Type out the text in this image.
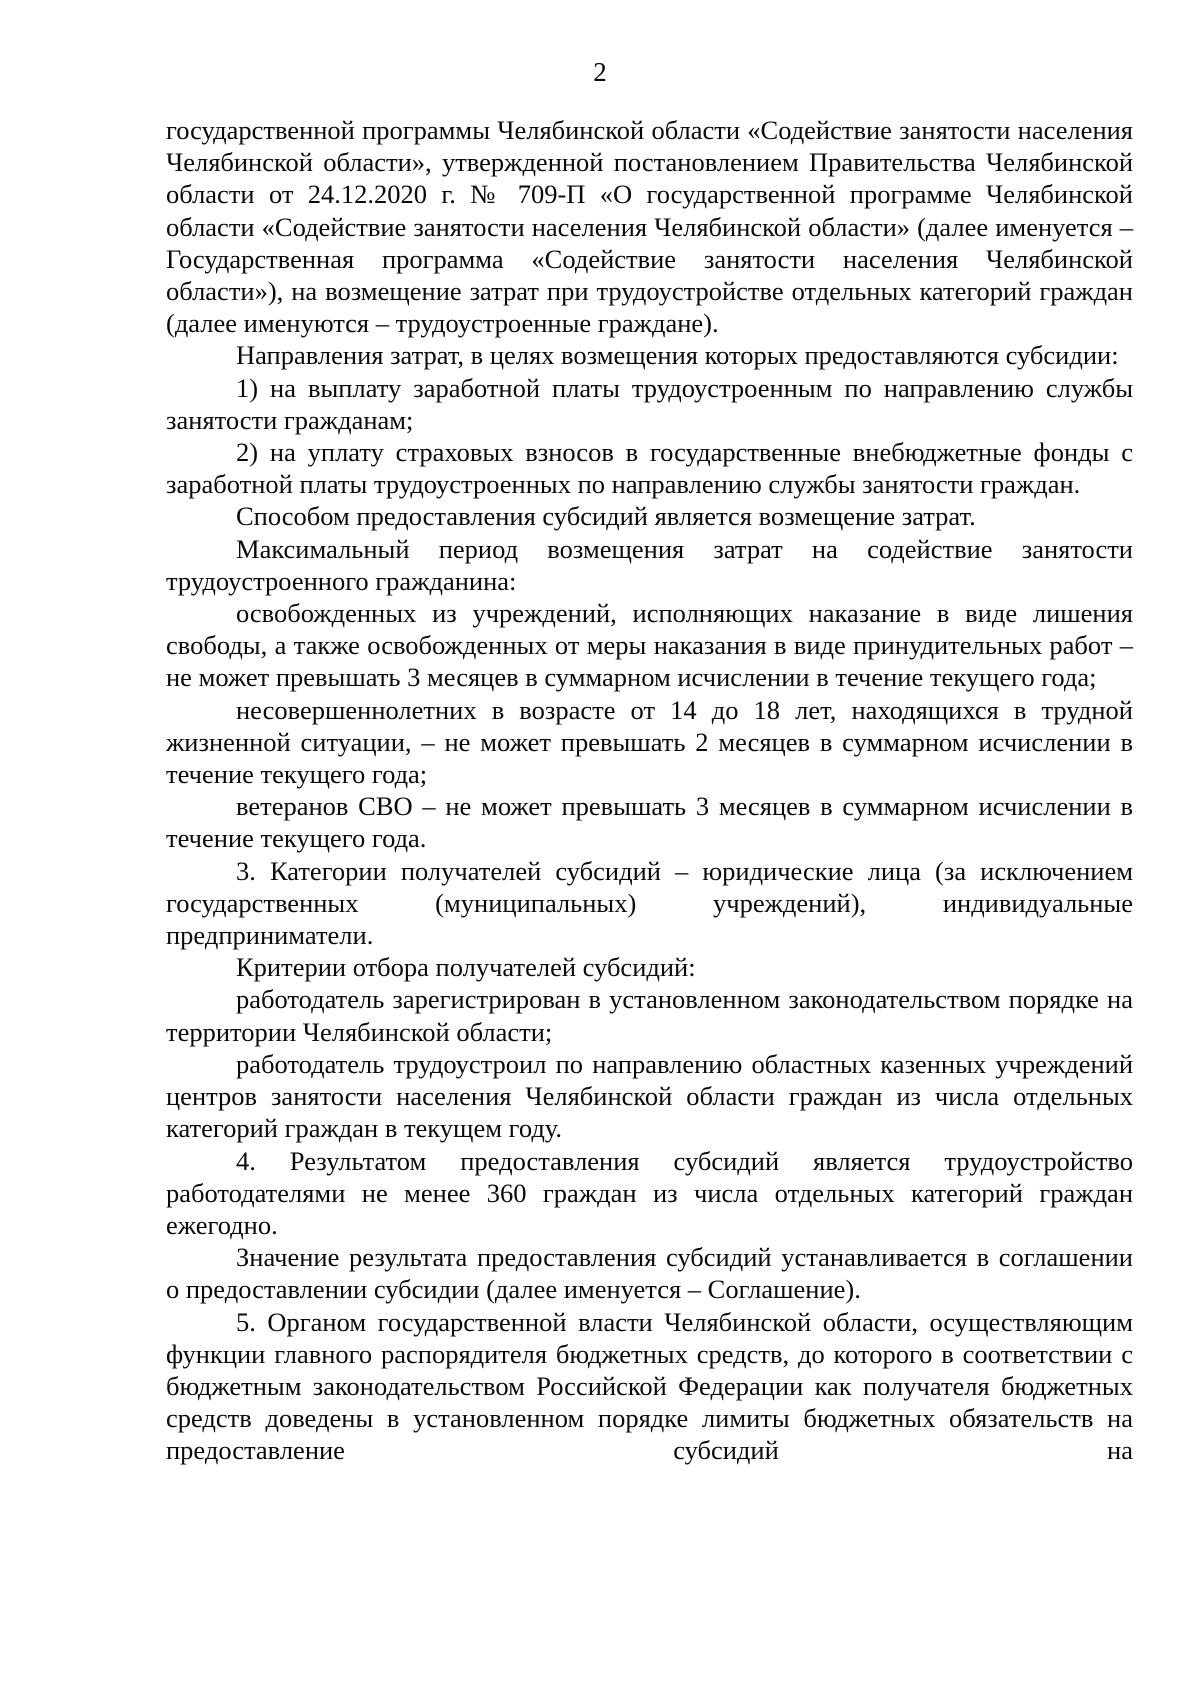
2

государственной программы Челябинской области «Содействие занятости населения Челябинской области», утвержденной постановлением Правительства Челябинской области от 24.12.2020 г. № 709-П «О государственной программе Челябинской области «Содействие занятости населения Челябинской области» (далее именуется – Государственная программа «Содействие занятости населения Челябинской области»), на возмещение затрат при трудоустройстве отдельных категорий граждан (далее именуются – трудоустроенные граждане).

Направления затрат, в целях возмещения которых предоставляются субсидии:

1) на выплату заработной платы трудоустроенным по направлению службы занятости гражданам;

2) на уплату страховых взносов в государственные внебюджетные фонды с заработной платы трудоустроенных по направлению службы занятости граждан.

Способом предоставления субсидий является возмещение затрат.

Максимальный период возмещения затрат на содействие занятости трудоустроенного гражданина:

освобожденных из учреждений, исполняющих наказание в виде лишения свободы, а также освобожденных от меры наказания в виде принудительных работ – не может превышать 3 месяцев в суммарном исчислении в течение текущего года;

несовершеннолетних в возрасте от 14 до 18 лет, находящихся в трудной жизненной ситуации, – не может превышать 2 месяцев в суммарном исчислении в течение текущего года;

ветеранов СВО – не может превышать 3 месяцев в суммарном исчислении в течение текущего года.

3. Категории получателей субсидий – юридические лица (за исключением государственных (муниципальных) учреждений), индивидуальные предприниматели.

Критерии отбора получателей субсидий:

работодатель зарегистрирован в установленном законодательством порядке на территории Челябинской области;

работодатель трудоустроил по направлению областных казенных учреждений центров занятости населения Челябинской области граждан из числа отдельных категорий граждан в текущем году.

4. Результатом предоставления субсидий является трудоустройство работодателями не менее 360 граждан из числа отдельных категорий граждан ежегодно.

Значение результата предоставления субсидий устанавливается в соглашении о предоставлении субсидии (далее именуется – Соглашение).

5. Органом государственной власти Челябинской области, осуществляющим функции главного распорядителя бюджетных средств, до которого в соответствии с бюджетным законодательством Российской Федерации как получателя бюджетных средств доведены в установленном порядке лимиты бюджетных обязательств на предоставление субсидий на
